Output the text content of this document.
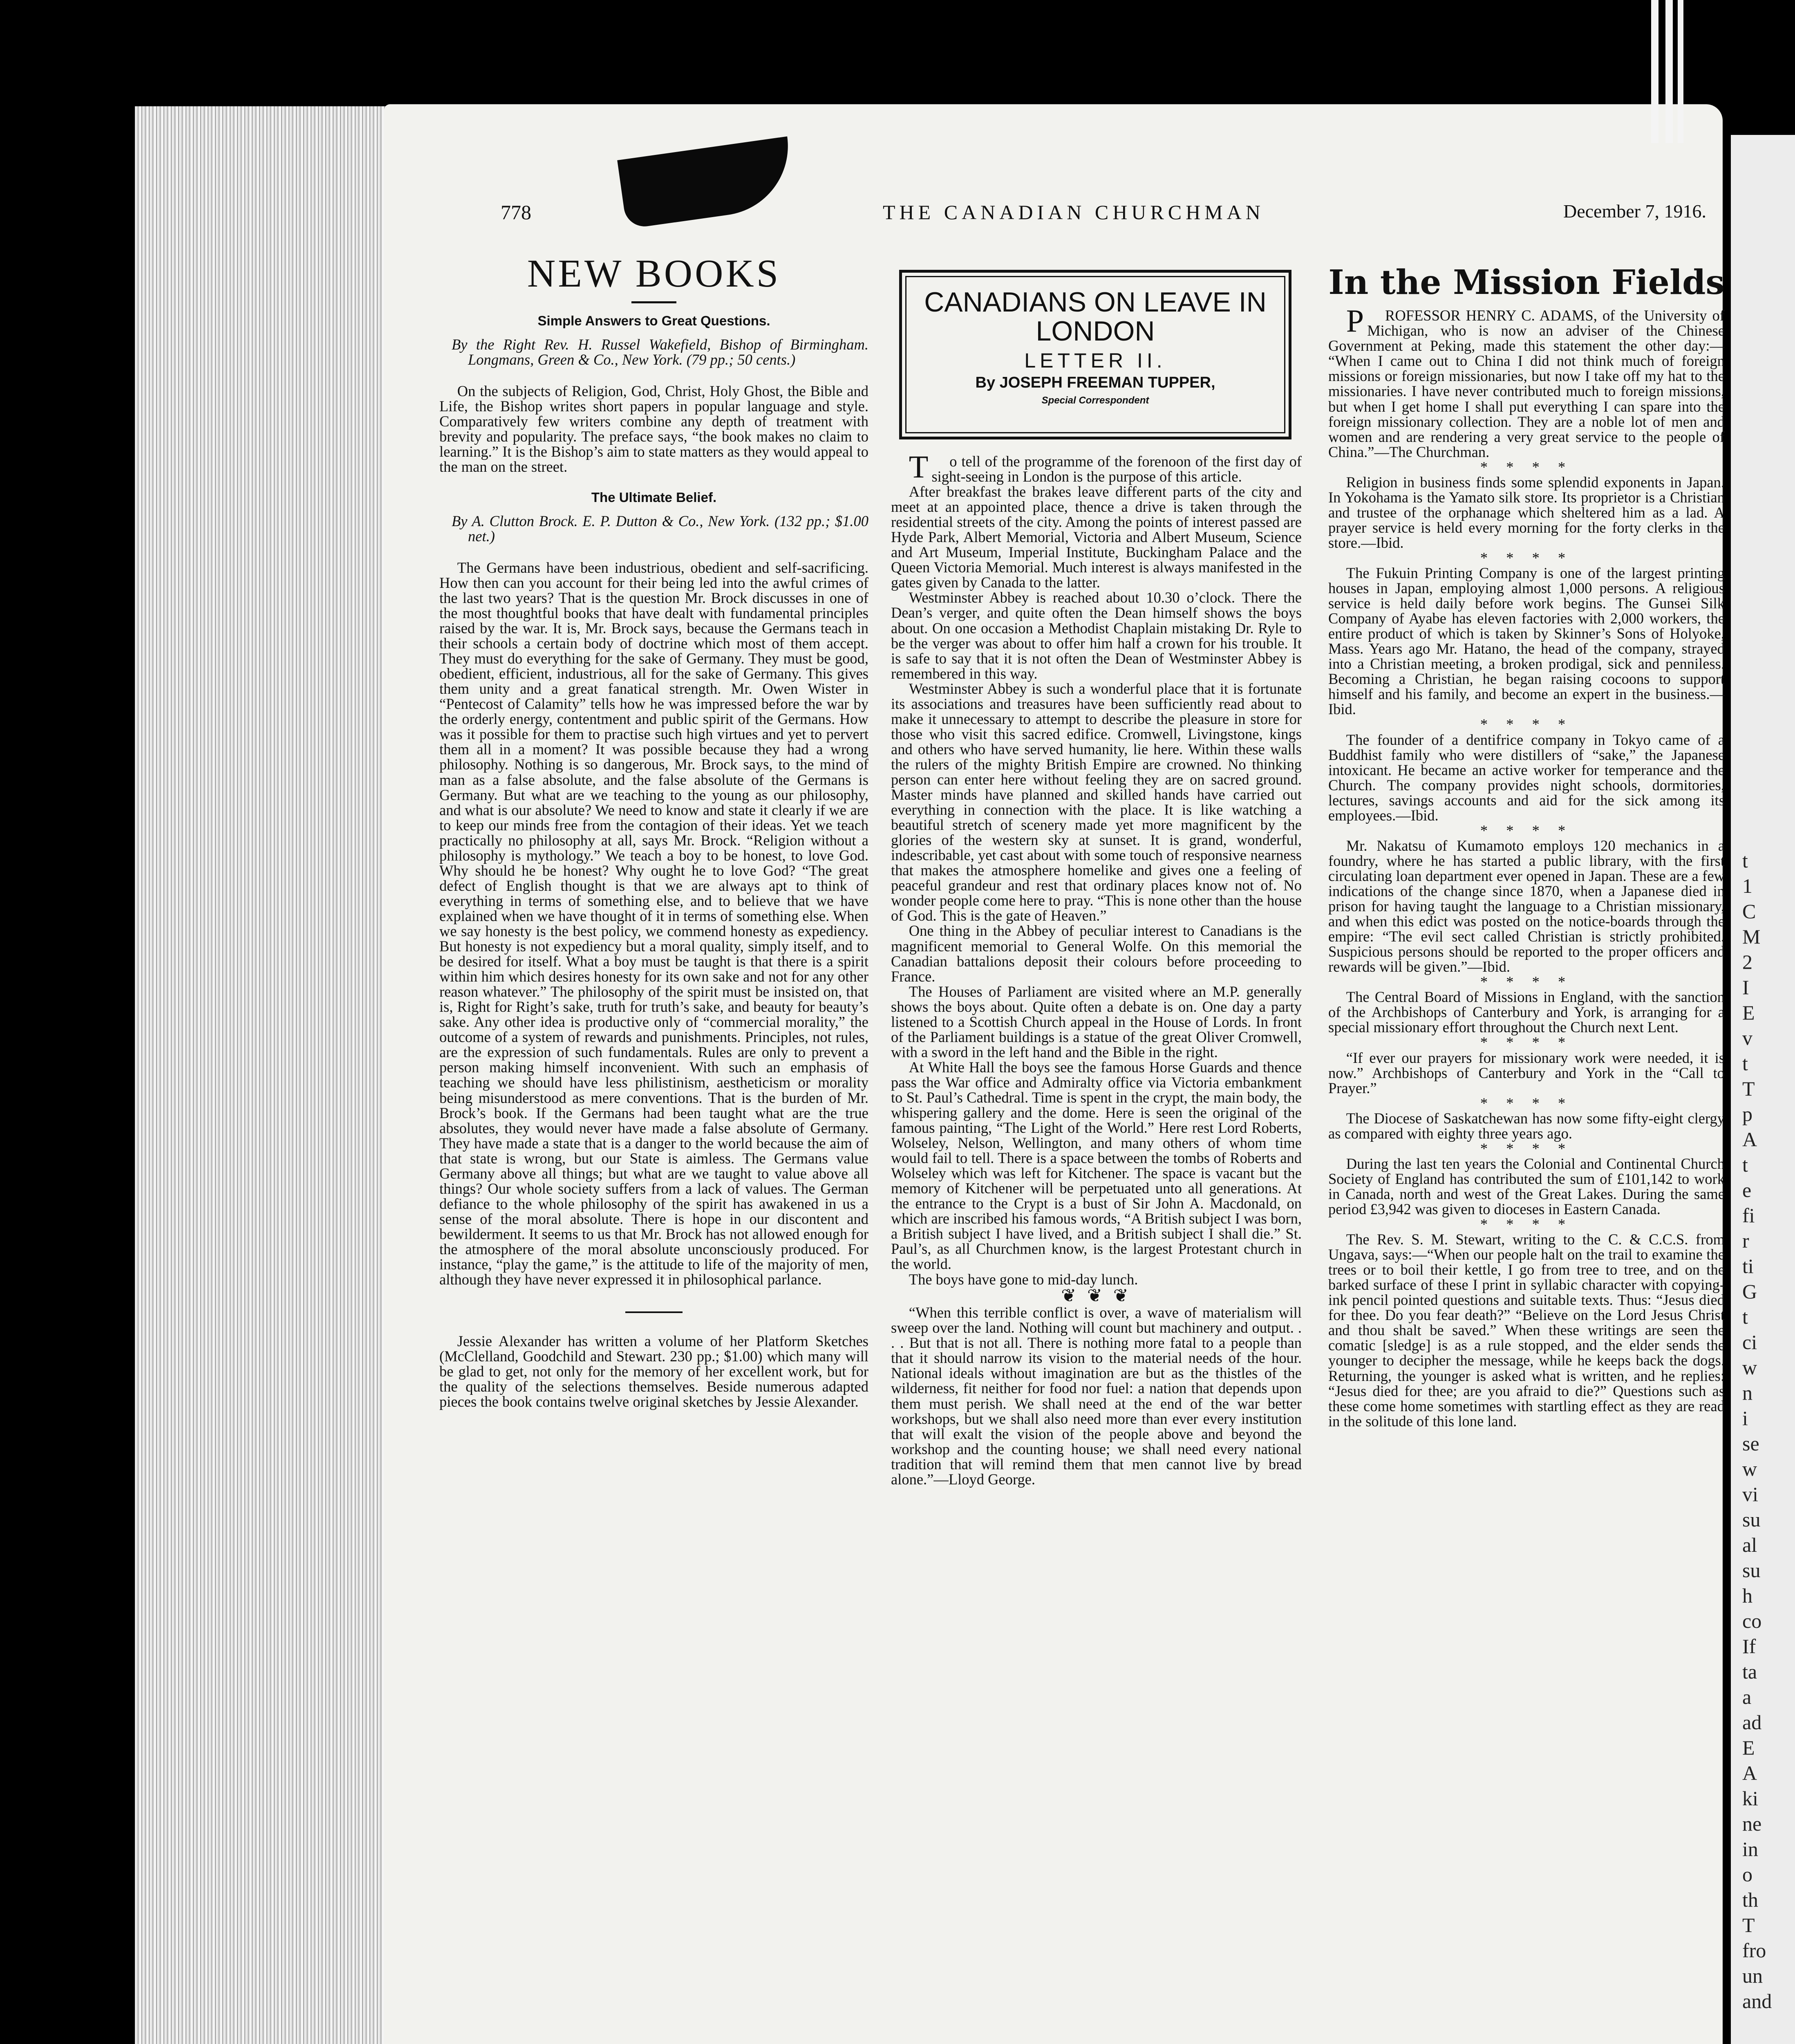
t
1
C
M
2
I
E
v
t
T
p
A
t
e
fi
r
ti
G
t
ci
w
n
i
se
w
vi
su
al
su
h
co
If
ta
a
ad
E
A
ki
ne
in
o
th
T
fro
un
and
778	THE CANADIAN CHURCHMAN	December 7, 1916.
NEW BOOKS
Simple Answers to Great Questions.

By the Right Rev. H. Russel Wakefield, Bishop of Birmingham. Longmans, Green & Co., New York. (79 pp.; 50 cents.)

On the subjects of Religion, God, Christ, Holy Ghost, the Bible and Life, the Bishop writes short papers in popular language and style. Comparatively few writers combine any depth of treatment with brevity and popularity. The preface says, “the book makes no claim to learning.” It is the Bishop’s aim to state matters as they would appeal to the man on the street.

The Ultimate Belief.

By A. Clutton Brock. E. P. Dutton & Co., New York. (132 pp.; $1.00 net.)

The Germans have been industrious, obedient and self-sacrificing. How then can you account for their being led into the awful crimes of the last two years? That is the question Mr. Brock discusses in one of the most thoughtful books that have dealt with fundamental principles raised by the war. It is, Mr. Brock says, because the Germans teach in their schools a certain body of doctrine which most of them accept. They must do everything for the sake of Germany. They must be good, obedient, efficient, industrious, all for the sake of Germany. This gives them unity and a great fanatical strength. Mr. Owen Wister in “Pentecost of Calamity” tells how he was impressed before the war by the orderly energy, contentment and public spirit of the Germans. How was it possible for them to practise such high virtues and yet to pervert them all in a moment? It was possible because they had a wrong philosophy. Nothing is so dangerous, Mr. Brock says, to the mind of man as a false absolute, and the false absolute of the Germans is Germany. But what are we teaching to the young as our philosophy, and what is our absolute? We need to know and state it clearly if we are to keep our minds free from the contagion of their ideas. Yet we teach practically no philosophy at all, says Mr. Brock. “Religion without a philosophy is mythology.” We teach a boy to be honest, to love God. Why should he be honest? Why ought he to love God? “The great defect of English thought is that we are always apt to think of everything in terms of something else, and to believe that we have explained when we have thought of it in terms of something else. When we say honesty is the best policy, we commend honesty as expediency. But honesty is not expediency but a moral quality, simply itself, and to be desired for itself. What a boy must be taught is that there is a spirit within him which desires honesty for its own sake and not for any other reason whatever.” The philosophy of the spirit must be insisted on, that is, Right for Right’s sake, truth for truth’s sake, and beauty for beauty’s sake. Any other idea is productive only of “commercial morality,” the outcome of a system of rewards and punishments. Principles, not rules, are the expression of such fundamentals. Rules are only to prevent a person making himself inconvenient. With such an emphasis of teaching we should have less philistinism, aestheticism or morality being misunderstood as mere conventions. That is the burden of Mr. Brock’s book. If the Germans had been taught what are the true absolutes, they would never have made a false absolute of Germany. They have made a state that is a danger to the world because the aim of that state is wrong, but our State is aimless. The Germans value Germany above all things; but what are we taught to value above all things? Our whole society suffers from a lack of values. The German defiance to the whole philosophy of the spirit has awakened in us a sense of the moral absolute. There is hope in our discontent and bewilderment. It seems to us that Mr. Brock has not allowed enough for the atmosphere of the moral absolute unconsciously produced. For instance, “play the game,” is the attitude to life of the majority of men, although they have never expressed it in philosophical parlance.

Jessie Alexander has written a volume of her Platform Sketches (McClelland, Goodchild and Stewart. 230 pp.; $1.00) which many will be glad to get, not only for the memory of her excellent work, but for the quality of the selections themselves. Beside numerous adapted pieces the book contains twelve original sketches by Jessie Alexander.

CANADIANS ON LEAVE IN LONDON

LETTER II.

By JOSEPH FREEMAN TUPPER,

Special Correspondent

To tell of the programme of the forenoon of the first day of sight-seeing in London is the purpose of this article.

After breakfast the brakes leave different parts of the city and meet at an appointed place, thence a drive is taken through the residential streets of the city. Among the points of interest passed are Hyde Park, Albert Memorial, Victoria and Albert Museum, Science and Art Museum, Imperial Institute, Buckingham Palace and the Queen Victoria Memorial. Much interest is always manifested in the gates given by Canada to the latter.

Westminster Abbey is reached about 10.30 o’clock. There the Dean’s verger, and quite often the Dean himself shows the boys about. On one occasion a Methodist Chaplain mistaking Dr. Ryle to be the verger was about to offer him half a crown for his trouble. It is safe to say that it is not often the Dean of Westminster Abbey is remembered in this way.

Westminster Abbey is such a wonderful place that it is fortunate its associations and treasures have been sufficiently read about to make it unnecessary to attempt to describe the pleasure in store for those who visit this sacred edifice. Cromwell, Livingstone, kings and others who have served humanity, lie here. Within these walls the rulers of the mighty British Empire are crowned. No thinking person can enter here without feeling they are on sacred ground. Master minds have planned and skilled hands have carried out everything in connection with the place. It is like watching a beautiful stretch of scenery made yet more magnificent by the glories of the western sky at sunset. It is grand, wonderful, indescribable, yet cast about with some touch of responsive nearness that makes the atmosphere homelike and gives one a feeling of peaceful grandeur and rest that ordinary places know not of. No wonder people come here to pray. “This is none other than the house of God. This is the gate of Heaven.”

One thing in the Abbey of peculiar interest to Canadians is the magnificent memorial to General Wolfe. On this memorial the Canadian battalions deposit their colours before proceeding to France.

The Houses of Parliament are visited where an M.P. generally shows the boys about. Quite often a debate is on. One day a party listened to a Scottish Church appeal in the House of Lords. In front of the Parliament buildings is a statue of the great Oliver Cromwell, with a sword in the left hand and the Bible in the right.

At White Hall the boys see the famous Horse Guards and thence pass the War office and Admiralty office via Victoria embankment to St. Paul’s Cathedral. Time is spent in the crypt, the main body, the whispering gallery and the dome. Here is seen the original of the famous painting, “The Light of the World.” Here rest Lord Roberts, Wolseley, Nelson, Wellington, and many others of whom time would fail to tell. There is a space between the tombs of Roberts and Wolseley which was left for Kitchener. The space is vacant but the memory of Kitchener will be perpetuated unto all generations. At the entrance to the Crypt is a bust of Sir John A. Macdonald, on which are inscribed his famous words, “A British subject I was born, a British subject I have lived, and a British subject I shall die.” St. Paul’s, as all Churchmen know, is the largest Protestant church in the world.

The boys have gone to mid-day lunch.

❦ ❦ ❦

“When this terrible conflict is over, a wave of materialism will sweep over the land. Nothing will count but machinery and output. . . . But that is not all. There is nothing more fatal to a people than that it should narrow its vision to the material needs of the hour. National ideals without imagination are but as the thistles of the wilderness, fit neither for food nor fuel: a nation that depends upon them must perish. We shall need at the end of the war better workshops, but we shall also need more than ever every institution that will exalt the vision of the people above and beyond the workshop and the counting house; we shall need every national tradition that will remind them that men cannot live by bread alone.”—Lloyd George.

In the Mission Fields

PROFESSOR HENRY C. ADAMS, of the University of Michigan, who is now an adviser of the Chinese Government at Peking, made this statement the other day:— “When I came out to China I did not think much of foreign missions or foreign missionaries, but now I take off my hat to the missionaries. I have never contributed much to foreign missions, but when I get home I shall put everything I can spare into the foreign missionary collection. They are a noble lot of men and women and are rendering a very great service to the people of China.”—The Churchman.

* * * *

Religion in business finds some splendid exponents in Japan. In Yokohama is the Yamato silk store. Its proprietor is a Christian and trustee of the orphanage which sheltered him as a lad. A prayer service is held every morning for the forty clerks in the store.—Ibid.

* * * *

The Fukuin Printing Company is one of the largest printing houses in Japan, employing almost 1,000 persons. A religious service is held daily before work begins. The Gunsei Silk Company of Ayabe has eleven factories with 2,000 workers, the entire product of which is taken by Skinner’s Sons of Holyoke, Mass. Years ago Mr. Hatano, the head of the company, strayed into a Christian meeting, a broken prodigal, sick and penniless. Becoming a Christian, he began raising cocoons to support himself and his family, and become an expert in the business.—Ibid.

* * * *

The founder of a dentifrice company in Tokyo came of a Buddhist family who were distillers of “sake,” the Japanese intoxicant. He became an active worker for temperance and the Church. The company provides night schools, dormitories, lectures, savings accounts and aid for the sick among its employees.—Ibid.

* * * *

Mr. Nakatsu of Kumamoto employs 120 mechanics in a foundry, where he has started a public library, with the first circulating loan department ever opened in Japan. These are a few indications of the change since 1870, when a Japanese died in prison for having taught the language to a Christian missionary, and when this edict was posted on the notice-boards through the empire: “The evil sect called Christian is strictly prohibited. Suspicious persons should be reported to the proper officers and rewards will be given.”—Ibid.

* * * *

The Central Board of Missions in England, with the sanction of the Archbishops of Canterbury and York, is arranging for a special missionary effort throughout the Church next Lent.

* * * *

“If ever our prayers for missionary work were needed, it is now.” Archbishops of Canterbury and York in the “Call to Prayer.”

* * * *

The Diocese of Saskatchewan has now some fifty-eight clergy as compared with eighty three years ago.

* * * *

During the last ten years the Colonial and Continental Church Society of England has contributed the sum of £101,142 to work in Canada, north and west of the Great Lakes. During the same period £3,942 was given to dioceses in Eastern Canada.

* * * *

The Rev. S. M. Stewart, writing to the C. & C.C.S. from Ungava, says:—“When our people halt on the trail to examine the trees or to boil their kettle, I go from tree to tree, and on the barked surface of these I print in syllabic character with copying-ink pencil pointed questions and suitable texts. Thus: “Jesus died for thee. Do you fear death?” “Believe on the Lord Jesus Christ and thou shalt be saved.” When these writings are seen the comatic [sledge] is as a rule stopped, and the elder sends the younger to decipher the message, while he keeps back the dogs. Returning, the younger is asked what is written, and he replies: “Jesus died for thee; are you afraid to die?” Questions such as these come home sometimes with startling effect as they are read in the solitude of this lone land.
